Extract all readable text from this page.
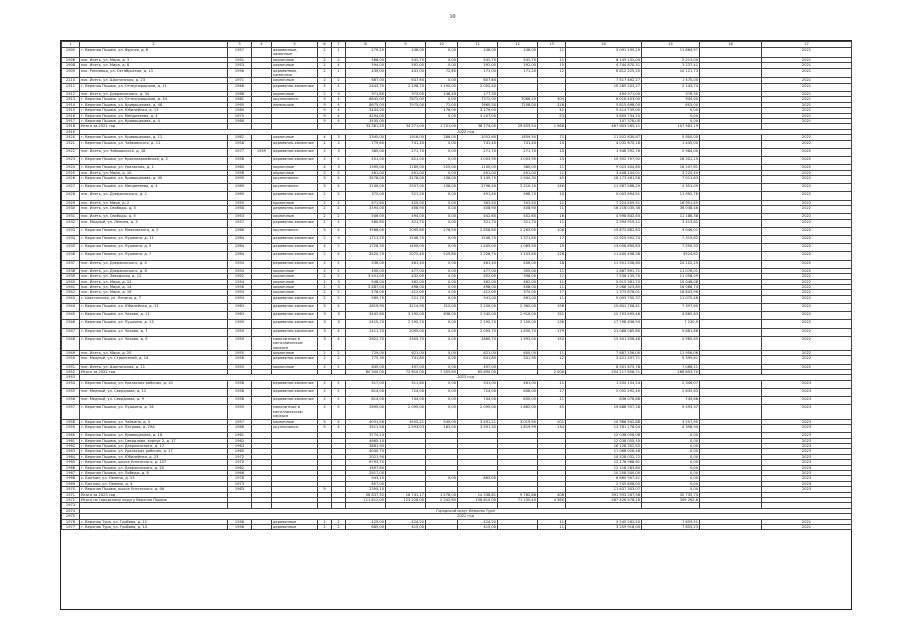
10
1	2	3	4	5	6	7	8	9	10	11	12	13	14	15	16	17
1905	г. Верхняя Пышма, ул. Фрунзе, д. 6	1957		деревянные, каменные	2	1	279,20	248,00	0,00	248,00	248,00	11	3 091 195,29	11 864,97		2021
1906	пос. Исеть, ул. Мира, д. 3	1951		кирпичные	2	2	566,00	542,70	0,00	542,70	542,70	11	6 145 132,04	2 213,00		2021
1908	пос. Исеть, ул. Мира, д. 8	1953		кирпичные	2	4	594,00	592,00	0,00	592,00	592,00	15	4 744 870,51	3 237,41		2021
1909	пос. Ремзавод, ул. Октябрьская, д. 13	1958		деревянные, каменные	2	1	439,00	441,00	72,60	171,00	171,20	12	6 812 225,20	10 121,73		2021
2210	пос. Исеть, ул. Шахтинская, д. 23	1971		кирпичные	2	2	667,00	637,60	0,00	607,60			7 517 462,27	1 470,00		2021
1911	г. Верхняя Пышма, ул. Огнеупорщиков, д. 11	1968		деревянно-каменные	5	4	2443,70	2 198,70	1 190,00	2 002,40			10 285 203,27	2 143,74		2021
1912	пос. Исеть, ул. Дзержинского, д. 34	1988		кирпичные	2	3	371,60	372,00	136,40	177,30			494 971,00	376,30		2021
1913	г. Верхняя Пышма, ул. Огнеупорщиков, д. 34	1981		крупнопанел.	9	4	8842,00	7872,00	0,00	7372,00	7068,20	304	6 018 403,00	940,00		2021
1914	г. Верхняя Пышма, ул. Кривощекова, д. 48	1995		панельные	9	4	8875,00	7975,00	72,00	7660,50	7258,00	318	5 815 698,00	605,00		2021
1915	г. Верхняя Пышма, ул. Юбилейная, д. 13	1980			9	4	3444,00		176,00	3 279,00		41	5 414 735,00	0,00		2021
1916	г. Верхняя Пышма, ул. Менделеева, д. 4	1975			9	4	4294,00		0,00	3 207,00		53	3 605 734,25	0,00		2021
1917	г. Верхняя Пышма, ул. Кривощекова, д. 4	1986			9	4	3535,00						147 378,00	0,00		2021
1918	Итого за 2021 год						33 361,50	34 271,00	1 701,00	36 174,00	29 459,54	1 968	467 803 265,11	107 983,19		
1919	2022 год															
1920	г. Верхняя Пышма, ул. Кривощекова, д. 11	1962		кирпичные	4	3	2345,00	1916,00	286,00	2052,60	1859,50	71	11 502 830,87	5 800,00		2022
1921	г. Верхняя Пышма, ул. Чайковского, д. 11	1958		деревянно-каменные	2	2	779,60	741,40	0,00	741,40	741,40	14	4 032 670,16	1 445,00		2022
1922	пос. Исеть, ул. Чайковского, д. 18	1977	1959	деревянно-каменные	2	3	385,00	271,70	0,00	271,70	271,70	10	1 948 592,76	2 984,00		2022
1923	г. Верхняя Пышма, ул. Красноармейская, д. 2	1958		деревянно-каменные	2	2	451,00	421,00	0,00	1 003,90	1 003,90	14	10 952 797,92	28 301,19		2022
1924	г. Верхняя Пышма, ул. Уральская, д. 1	1960		кирпичные	4	3	1395,00	1189,00	225,00	1100,00	380,00	11	9 023 404,85	16 207,61		2022
1925	пос. Исеть, ул. Мира, д. 10	1958		кирпичные	2	2	481,00	401,00	0,00	401,00	401,00	11	3 408 144,01	3 225,40		2022
1926	г. Верхняя Пышма, ул. Кривощекова, д. 40	1995		крупнопанел.	5	4	3576,00	3176,00	236,00	3 149,70	1 944,30	45	18 173 481,56	7 011,63		2022
1927	г. Верхняя Пышма, ул. Менделеева, д. 4	1989		крупнопанел.	5	4	3740,00	2557,00	236,00	2796,40	2 210,20	146	11 587 568,29	4 351,09		2022
1928	пос. Исеть, ул. Дзержинского, д. 2	1960		деревянно-каменные	2	2	372,00	521,20	0,00	491,40	468,70	14	5 003 694,51	11 992,78		2022
1929	пос. Исеть, ул. Мира, д. 2	1955		кирпичные	2	2	471,60	420,00	0,00	363,40	303,40	11	7 224 409,51	16 901,45		2022
1930	пос. Исеть, ул. Свободы, д. 3	1958		деревянно-каменные	2	2	1594,00	408,90	0,00	408,90	408,90	11	16 218 035,38	36 038,48		2022
1931	пос. Исеть, ул. Свободы, д. 5	1953		кирпичные	2	2	546,00	494,00	0,00	442,60	402,60	16	4 998 842,63	11 188,38		2022
1932	пос. Медный, ул. Ленина, д. 3	1957		деревянно-каменные	2	2	580,60	421,70	0,00	321,70	321,70	11	2 594 919,11	3 413,61		2022
1933	г. Верхняя Пышма, ул. Маяковского, д. 5	1966		крупнопанел.	5	4	3586,00	2090,60	278,50	2 856,60	2 262,00	106	15 872 882,63	9 046,01		2022
1934	г. Верхняя Пышма, ул. Пушкина, д. 11	1964		деревянно-каменные	2	3	1711,70	1546,70	0,00	1546,70	1 371,50	17	12 925 502,74	7 319,62		2022
1935	г. Верхняя Пышма, ул. Пушкина, д. 9	1964		деревянно-каменные	4	2	1726,30	1400,00	0,00	1 445,00	1 089,50	19	13 056 690,83	7 550,93		2022
1936	г. Верхняя Пышма, ул. Пушкина, д. 7	1964		деревянно-каменные	2	4	2420,70	2072,40	529,80	2 228,70	1 103,60	126	11 440 498,98	5524,62		2022
1937	пос. Исеть, ул. Дзержинского, д. 4	1954		деревянно-каменные	2	2	536,00	461,40	0,00	461,40	406,00	18	11 551 256,85	24 102,29		2022
1938	пос. Исеть, ул. Дзержинского, д. 6	1954		кирпичные	2	2	490,00	477,00	0,00	477,00	355,00	11	1 887 691,71	11 078,01		2022
1939	пос. Исеть, ул. Заводская, д. 12	1952		кирпичные	2	2	3 451,00	432,00	0,00	402,00	396,00	11	7 536 135,70	11 058,09		2022
1940	пос. Исеть, ул. Мира, д. 12	1954		кирпичные	2	3	548,00	462,00	0,00	462,00	462,00	11	5 915 581,70	10 048,08		2022
1941	пос. Исеть, ул. Мира, д. 14	1956		кирпичные	2	3	3 487,00	498,00	0,00	498,00	408,00	11	2 068 323,85	16 066,74		2022
1942	пос. Исеть, ул. Мира, д. 16	1954		кирпичные	2	2	476,00	412,00	0,00	412,00	370,00	17	1 373 876,01	16 603,96		2022
1943	г. Шахтинская, ул. Ленина, д. 7	1954		деревянно-каменные	2	2	589,70	521,70	0,00	541,00	461,00	11	5 093 750,37	11 075,48		2022
1944	г. Верхняя Пышма, ул. Юбилейная, д. 13	1963		деревянно-каменные	5	4	2619,90	3214,90	312,00	2 250,00	2 362,00	198	10 601 706,41	7 397,60		2022
1945	г. Верхняя Пышма, ул. Чехова, д. 11	1963		деревянно-каменные	3	3	3442,60	3 192,00	638,00	2 542,00	2 910,00	151	12 703 495,46	4 865,63		2022
1946	г. Верхняя Пышма, ул. Пушкина, д. 13	1959		деревянно-каменные	3	3	2415,70	2 192,70	0,00	2 192,70	2 150,00	136	17 798 636,93	7 230,9		2022
1947	г. Верхняя Пышма, ул. Чехова, д. 7	1959		деревянно-каменные	3	4	2411,70	2095,00	0,00	2 095,70	1 800,70	179	21 088 085,80	9 881,68		2022
1948	г. Верхняя Пышма, ул. Чехова, д. 9	1959		монолитные в металлическом каркасе	3	4	2622,70	2905,70	0,00	2860,70	1 993,00	150	15 941 356,48	5 965,65		2022
1949	пос. Исеть, ул. Мира, д. 20	1955		кирпичные	2	2	729,00	621,00	0,00	621,00	600,00	11	7 687 156,00	11 956,06		2022
1950	пос. Медный, ул. Строителей, д. 14	1956		деревянно-каменные	2	2	775,30	741,80	0,00	641,80	341,90	12	3 421 497,71	5 395,61		2022
1951	пос. Исеть, ул. Шахтинская, д. 21	1955		кирпичные	2	2	645,00	497,00	0,00	497,00			8 501 675,78	7 066,21		2022
1952	Итого за 2022 год						80 500,00	72 810,00	7 355,60	65 890,00		2 006	254 117 858,71	266 853,70		
1953	2023 год															
1954	г. Верхняя Пышма, ул. Уральских рабочих, д. 10	1958		деревянно-каменные	2	2	517,00	511,60	0,00	541,00	461,00	11	1 204 134,24	2 346,07		2023
1955	пос. Медный, ул. Свердлова, д. 12	1958		деревянно-каменные	2	2	814,00	724,00	0,00	724,00	608,00	17	2 052 292,40	2 835,63		2023
1956	пос. Медный, ул. Свердлова, д. 9	1958		деревянно-каменные	2	2	814,00	744,00	0,00	744,00	650,00	11	836 076,86	749,68		2023
1957	г. Верхняя Пышма, ул. Пушкина, д. 16	1959		монолитные в металлическом каркасе	2	5	2695,00	2 095,00	0,00	2 095,00	1 862,00	45	19 888 957,28	9 493,37		2023
1958	г. Верхняя Пышма, ул. Чайкина, д. 5	1957		кирпичные	5	4	4031,56	3555,21	540,00	3 491,21	3 019,90	201	10 986 942,88	3 257,90		2023
1959	г. Верхняя Пышма, ул. Петрова, д. 29А	1986		крупнопанел.	9	4	3511,58	2 593,03	183,00	3 591,30	1 819,99	134	13 781 176,04	4 396,94		2023
1960	г. Верхняя Пышма, ул. Кривощекова, д. 18	1961					3774,10						12 038 056,08	0,00		2023
1961	г. Верхняя Пышма, ул. Свердлова, корпус 2, д. 17	1962					4665,10						12 038 055,10	0,00		2023
1962	г. Верхняя Пышма, ул. Дзержинского, д. 17	1963					3861,90						16 128 302,55	0,00		2023
1963	г. Верхняя Пышма, ул. Уральских рабочих, д. 17	1965					4040,70						11 068 026,48	0,00		2023
1964	г. Верхняя Пышма, ул. Юбилейная, д. 23	1972					2021,90						10 528 032,72	0,00		2023
1965	г. Верхняя Пышма, шоссе Успенского, д. 157	1970					8793,70						12 178 968,61	0,00		2023
1966	г. Верхняя Пышма, ул. Дзержинского, д. 20	1962					1697,80						12 118 283,80	0,00		2023
1967	г. Верхняя Пышма, ул. Победы, д. 8	1968					2917,00						10 208 540,00	0,00		2023
1968	с. Балтым, ул. Ленина, д. 25	1976					943,10		0,00	862,00			6 885 907,41	0,00		2023
1969	с. Балтым, ул. Ленина, д. 4	1973					857,00						2 745 608,00	0,00		2023
1970	г. Верхняя Пышма, шоссе Успенского, д. 9А	1983			9		2395,10						11 637 303,07	0,00		2023
1971	Итого за 2023 год						56 837,92	16 741,17	1 278,00	14 338,81	9 782,86	406	391 953 267,98	32 735,74		
1972	Итого по городскому округу Верхняя Пышма						111 812,00	123 226,00	2 342,60	106 610,00	71 130,40	4 380	587 426 478,28	349 262,8		
1973																
1974	Городской округ Верхняя Тура															
1975	2021 год															
1976	г. Верхняя Тура, ул. Гробова, д. 12	1956		деревянные	2	2	429,00	424,20		424,20		11	3 245 262,50	7 659,51		2021
1977	г. Верхняя Тура, ул. Гробова, д. 14	1956		деревянные	2	2	685,00	415,00		415,00		11	3 259 918,00	7 855,23		2021
